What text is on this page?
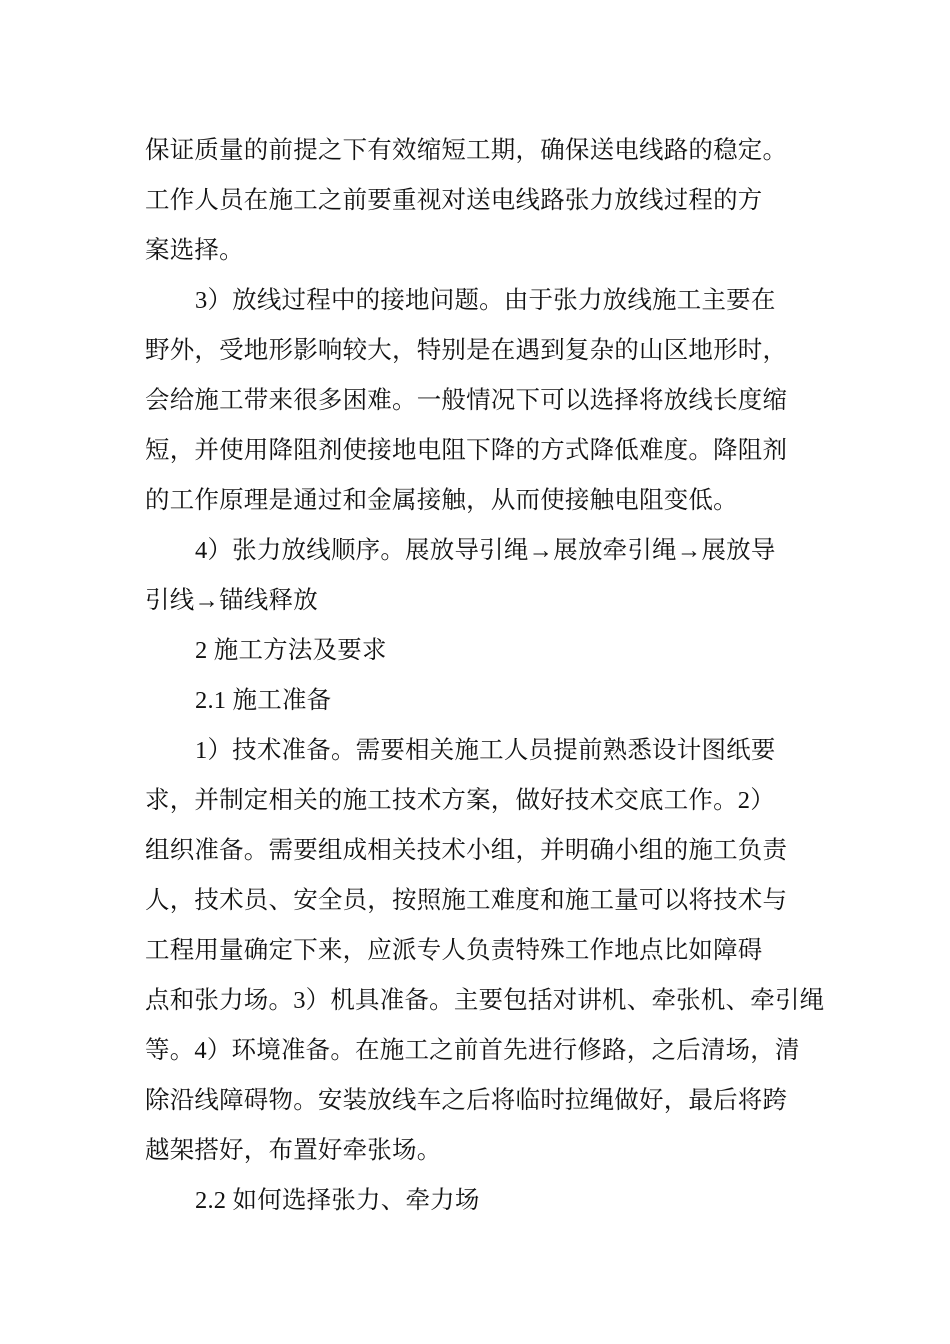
保证质量的前提之下有效缩短工期，确保送电线路的稳定。
工作人员在施工之前要重视对送电线路张力放线过程的方
案选择。
3）放线过程中的接地问题。由于张力放线施工主要在
野外，受地形影响较大，特别是在遇到复杂的山区地形时，
会给施工带来很多困难。一般情况下可以选择将放线长度缩
短，并使用降阻剂使接地电阻下降的方式降低难度。降阻剂
的工作原理是通过和金属接触，从而使接触电阻变低。
4）张力放线顺序。展放导引绳→展放牵引绳→展放导
引线→锚线释放
2 施工方法及要求
2.1 施工准备
1）技术准备。需要相关施工人员提前熟悉设计图纸要
求，并制定相关的施工技术方案，做好技术交底工作。2）
组织准备。需要组成相关技术小组，并明确小组的施工负责
人，技术员、安全员，按照施工难度和施工量可以将技术与
工程用量确定下来，应派专人负责特殊工作地点比如障碍
点和张力场。3）机具准备。主要包括对讲机、牵张机、牵引绳
等。4）环境准备。在施工之前首先进行修路，之后清场，清
除沿线障碍物。安装放线车之后将临时拉绳做好，最后将跨
越架搭好，布置好牵张场。
2.2 如何选择张力、牵力场
